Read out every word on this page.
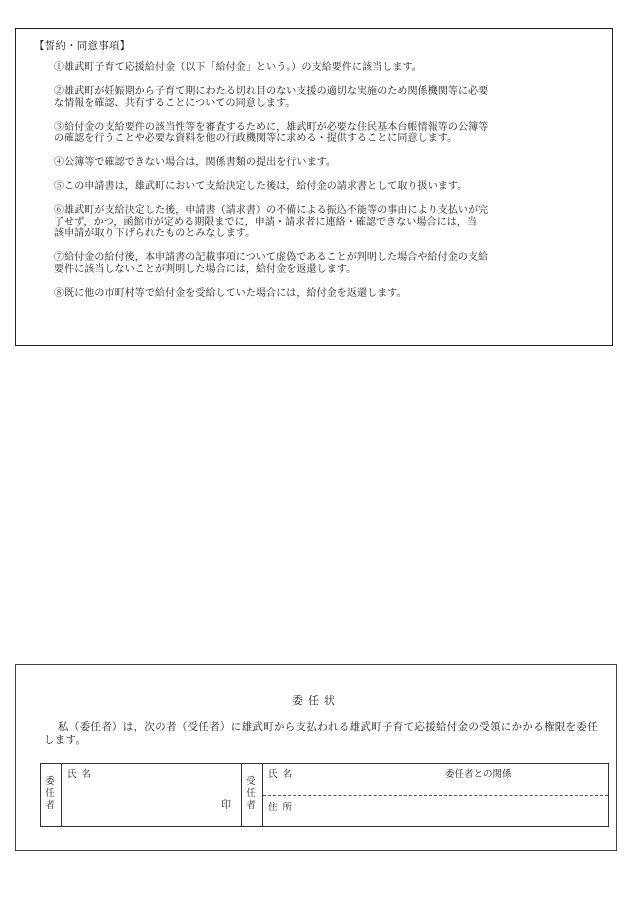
【誓約・同意事項】
①雄武町子育て応援給付金（以下「給付金」という。）の支給要件に該当します。
②雄武町が妊娠期から子育て期にわたる切れ目のない支援の適切な実施のため関係機関等に必要
な情報を確認、共有することについての同意します。
③給付金の支給要件の該当性等を審査するために，雄武町が必要な住民基本台帳情報等の公簿等
の確認を行うことや必要な資料を他の行政機関等に求める・提供することに同意します。
④公簿等で確認できない場合は，関係書類の提出を行います。
⑤この申請書は，雄武町において支給決定した後は，給付金の請求書として取り扱います。
⑥雄武町が支給決定した後，申請書（請求書）の不備による振込不能等の事由により支払いが完
了せず，かつ，函館市が定める期限までに，申請・請求者に連絡・確認できない場合には，当
該申請が取り下げられたものとみなします。
⑦給付金の給付後，本申請書の記載事項について虚偽であることが判明した場合や給付金の支給
要件に該当しないことが判明した場合には，給付金を返還します。
⑧既に他の市町村等で給付金を受給していた場合には，給付金を返還します。
委任状
私（委任者）は，次の者（受任者）に雄武町から支払われる雄武町子育て応援給付金の受領にかかる権限を委任します。
委
任
者
氏 名
印
受
任
者
氏 名	委任者との関係
住 所
